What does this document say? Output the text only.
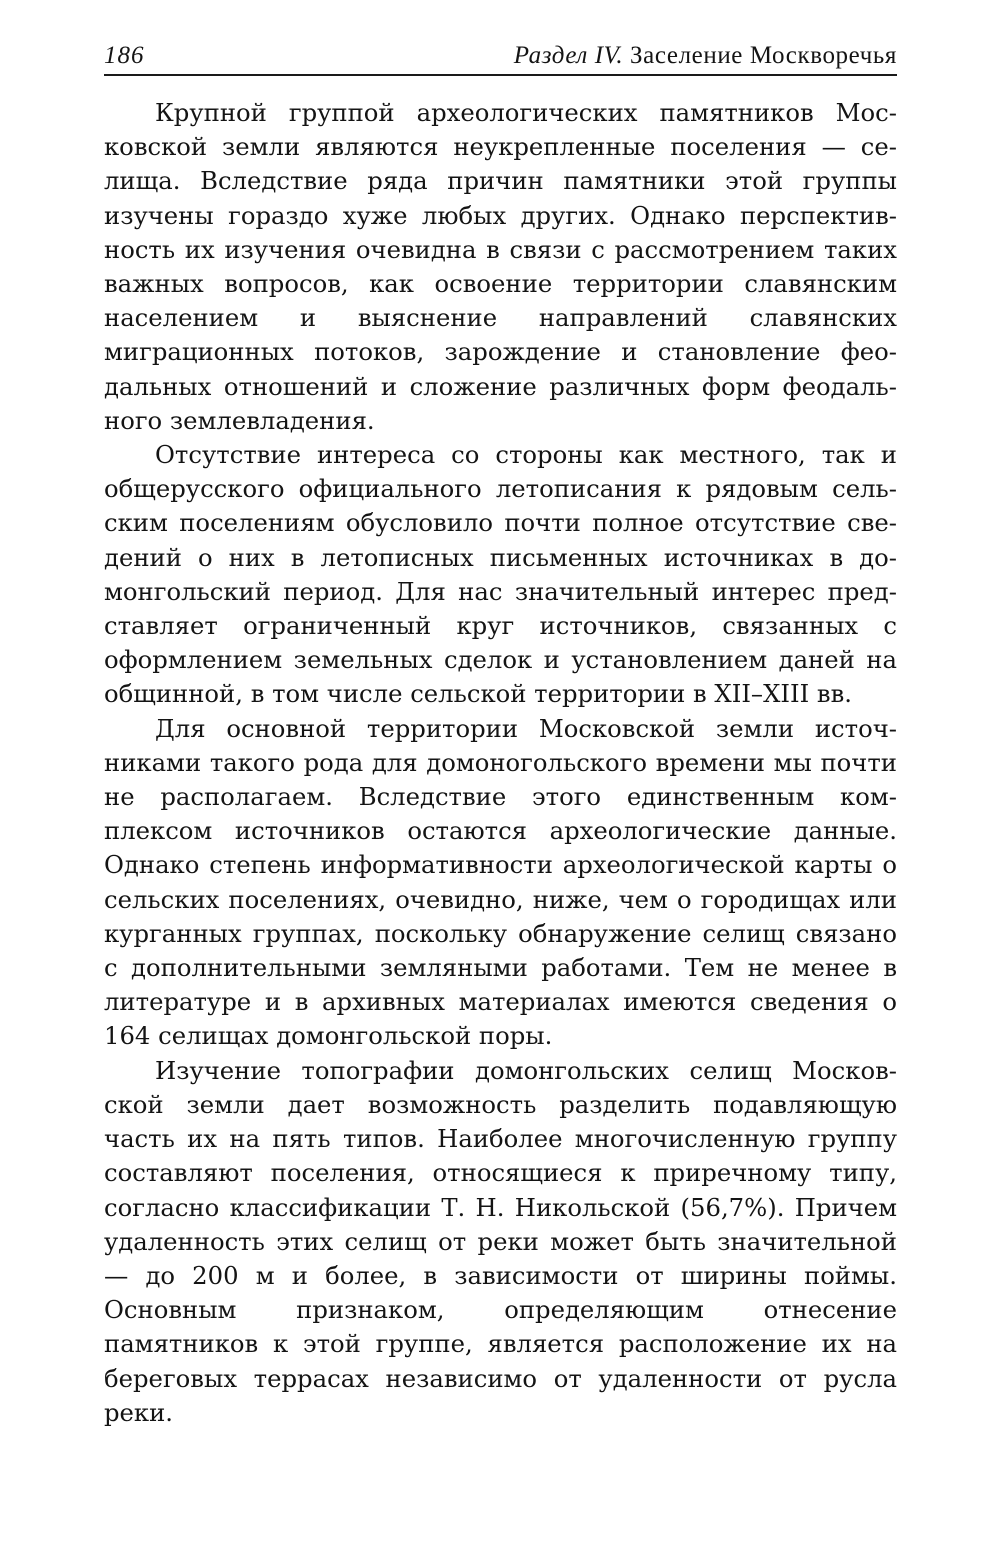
186	Раздел IV. Заселение Москворечья

Крупной группой археологических памятников Московской земли являются неукрепленные поселения — селища. Вследствие ряда причин памятники этой группы изучены гораздо хуже любых других. Однако перспективность их изучения очевидна в связи с рассмотрением таких важных вопросов, как освоение территории славянским населением и выяснение направлений славянских миграционных потоков, зарождение и становление феодальных отношений и сложение различных форм феодального землевладения.

Отсутствие интереса со стороны как местного, так и общерусского официального летописания к рядовым сельским поселениям обусловило почти полное отсутствие сведений о них в летописных письменных источниках в домонгольский период. Для нас значительный интерес представляет ограниченный круг источников, связанных с оформлением земельных сделок и установлением даней на общинной, в том числе сельской территории в XII–XIII вв.

Для основной территории Московской земли источниками такого рода для домоногольского времени мы почти не располагаем. Вследствие этого единственным комплексом источников остаются археологические данные. Однако степень информативности археологической карты о сельских поселениях, очевидно, ниже, чем о городищах или курганных группах, поскольку обнаружение селищ связано с дополнительными земляными работами. Тем не менее в литературе и в архивных материалах имеются сведения о 164 селищах домонгольской поры.

Изучение топографии домонгольских селищ Московской земли дает возможность разделить подавляющую часть их на пять типов. Наиболее многочисленную группу составляют поселения, относящиеся к приречному типу, согласно классификации Т. Н. Никольской (56,7%). Причем удаленность этих селищ от реки может быть значительной — до 200 м и более, в зависимости от ширины поймы. Основным признаком, определяющим отнесение памятников к этой группе, является расположение их на береговых террасах независимо от удаленности от русла реки.
